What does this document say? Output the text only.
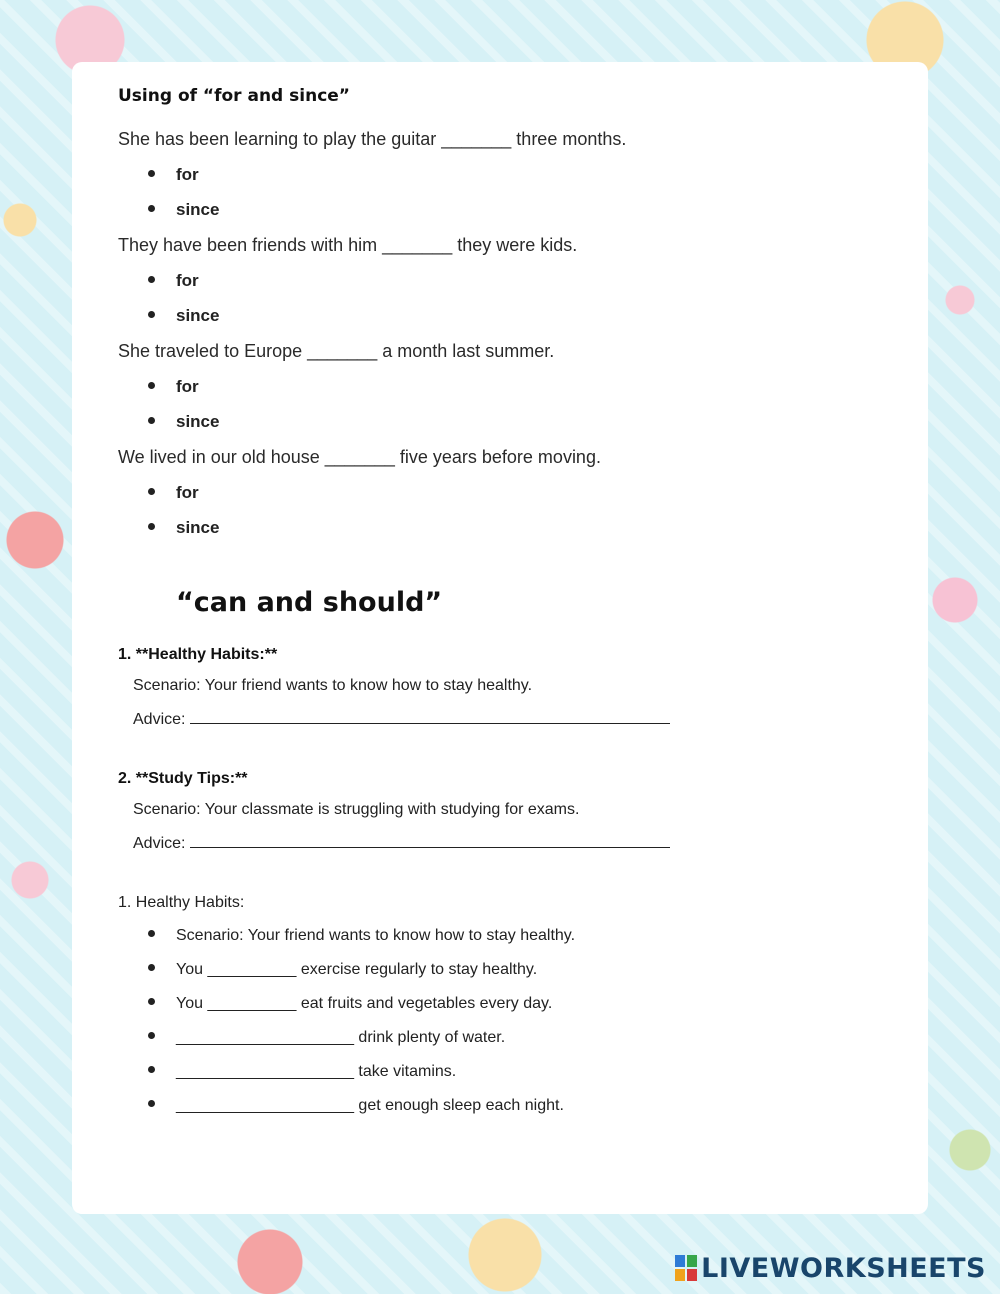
Using of “for and since”
She has been learning to play the guitar _______ three months.
for
since
They have been friends with him _______ they were kids.
for
since
She traveled to Europe _______ a month last summer.
for
since
We lived in our old house _______ five years before moving.
for
since
“can and should”
1. **Healthy Habits:**
Scenario: Your friend wants to know how to stay healthy.
Advice:
2. **Study Tips:**
Scenario: Your classmate is struggling with studying for exams.
Advice:
1. Healthy Habits:
Scenario: Your friend wants to know how to stay healthy.
You __________ exercise regularly to stay healthy.
You __________ eat fruits and vegetables every day.
____________________ drink plenty of water.
____________________ take vitamins.
____________________ get enough sleep each night.
LIVEWORKSHEETS
